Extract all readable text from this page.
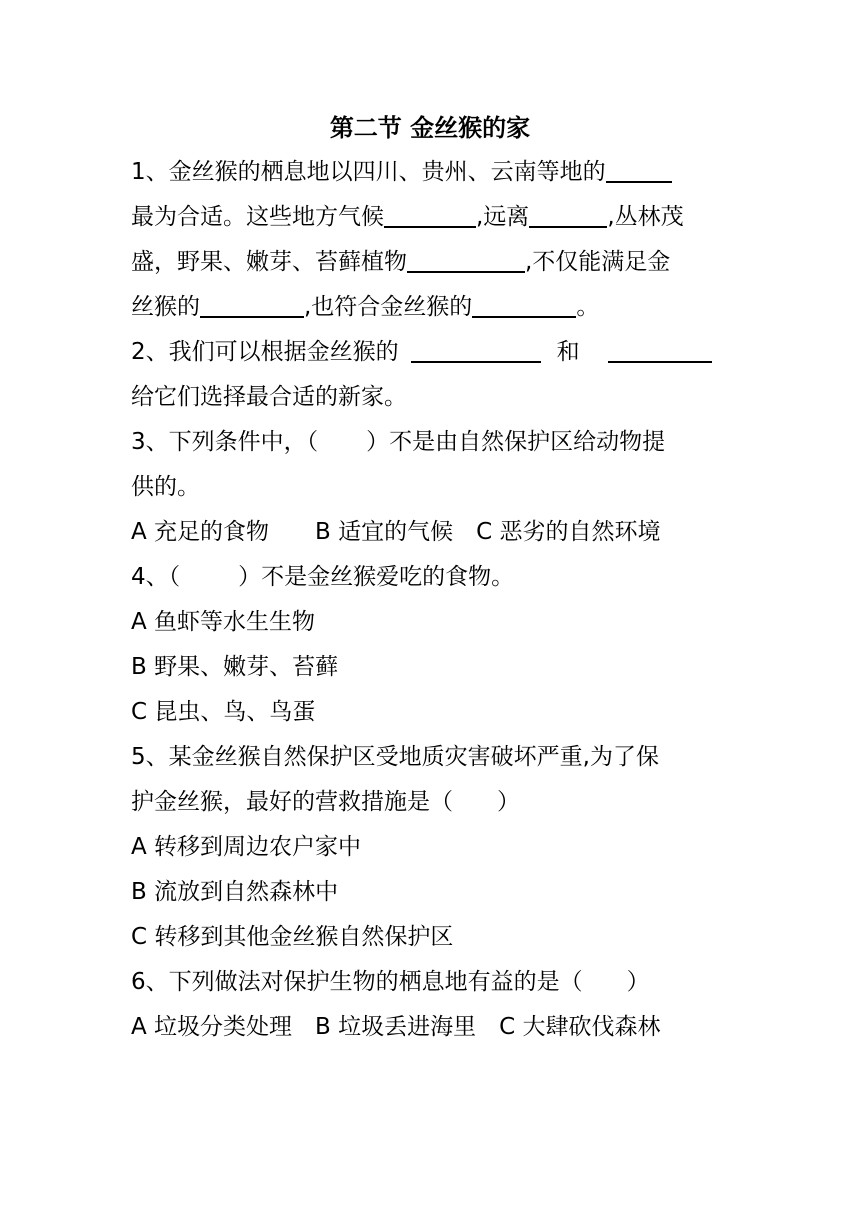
第二节 金丝猴的家
1、金丝猴的栖息地以四川、贵州、云南等地的
最为合适。这些地方气候	,远离	,丛林茂
盛，野果、嫩芽、苔藓植物	,不仅能满足金
丝猴的	,也符合金丝猴的	。
2、我们可以根据金丝猴的	和
给它们选择最合适的新家。
3、下列条件中，（ ）不是由自然保护区给动物提
供的。
A 充足的食物　　B 适宜的气候　C 恶劣的自然环境
4、（	）不是金丝猴爱吃的食物。
A 鱼虾等水生生物
B 野果、嫩芽、苔藓
C 昆虫、鸟、鸟蛋
5、某金丝猴自然保护区受地质灾害破坏严重,为了保
护金丝猴，最好的营救措施是（ ）
A 转移到周边农户家中
B 流放到自然森林中
C 转移到其他金丝猴自然保护区
6、下列做法对保护生物的栖息地有益的是（ ）
A 垃圾分类处理　B 垃圾丢进海里　C 大肆砍伐森林
